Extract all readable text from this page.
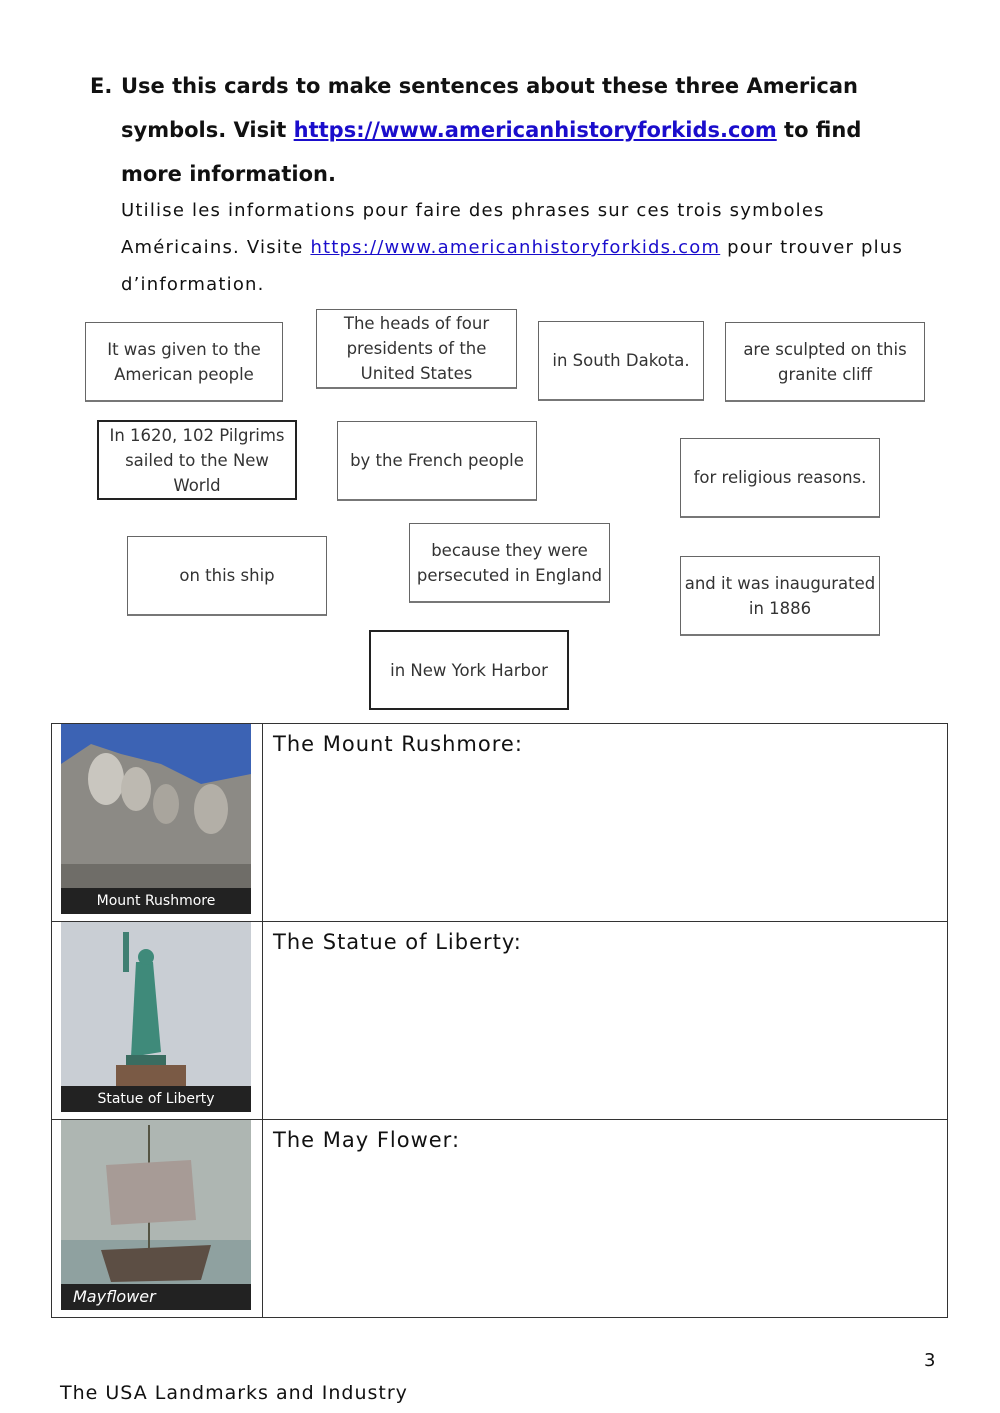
E. Use this cards to make sentences about these three American symbols. Visit https://www.americanhistoryforkids.com to find more information.
Utilise les informations pour faire des phrases sur ces trois symboles Américains. Visite https://www.americanhistoryforkids.com pour trouver plus d’information.
It was given to the American people
The heads of four presidents of the United States
in South Dakota.
are sculpted on this granite cliff
In 1620, 102 Pilgrims sailed to the New World
by the French people
for religious reasons.
on this ship
because they were persecuted in England	and it was inaugurated in 1886
in New York Harbor
Mount Rushmore	The Mount Rushmore:

Statue of Liberty	The Statue of Liberty:

Mayflower	The May Flower:
3
The USA Landmarks and Industry
